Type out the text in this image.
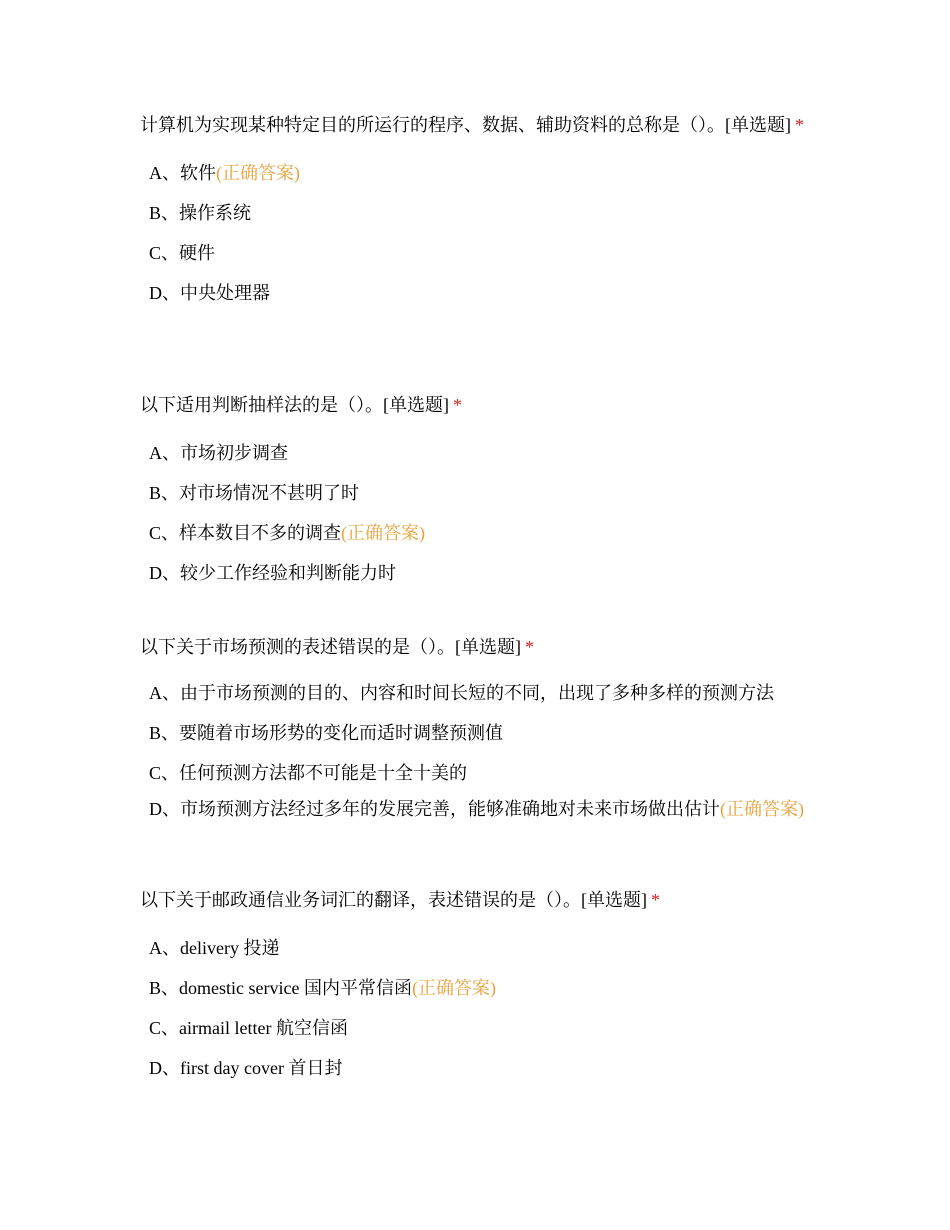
计算机为实现某种特定目的所运行的程序、数据、辅助资料的总称是（）。[单选题] *

A、软件(正确答案)
B、操作系统
C、硬件
D、中央处理器

以下适用判断抽样法的是（）。[单选题] *

A、市场初步调查
B、对市场情况不甚明了时
C、样本数目不多的调查(正确答案)
D、较少工作经验和判断能力时

以下关于市场预测的表述错误的是（）。[单选题] *

A、由于市场预测的目的、内容和时间长短的不同，出现了多种多样的预测方法
B、要随着市场形势的变化而适时调整预测值
C、任何预测方法都不可能是十全十美的
D、市场预测方法经过多年的发展完善，能够准确地对未来市场做出估计(正确答案)

以下关于邮政通信业务词汇的翻译，表述错误的是（）。[单选题] *

A、delivery 投递
B、domestic service 国内平常信函(正确答案)
C、airmail letter 航空信函
D、first day cover 首日封
